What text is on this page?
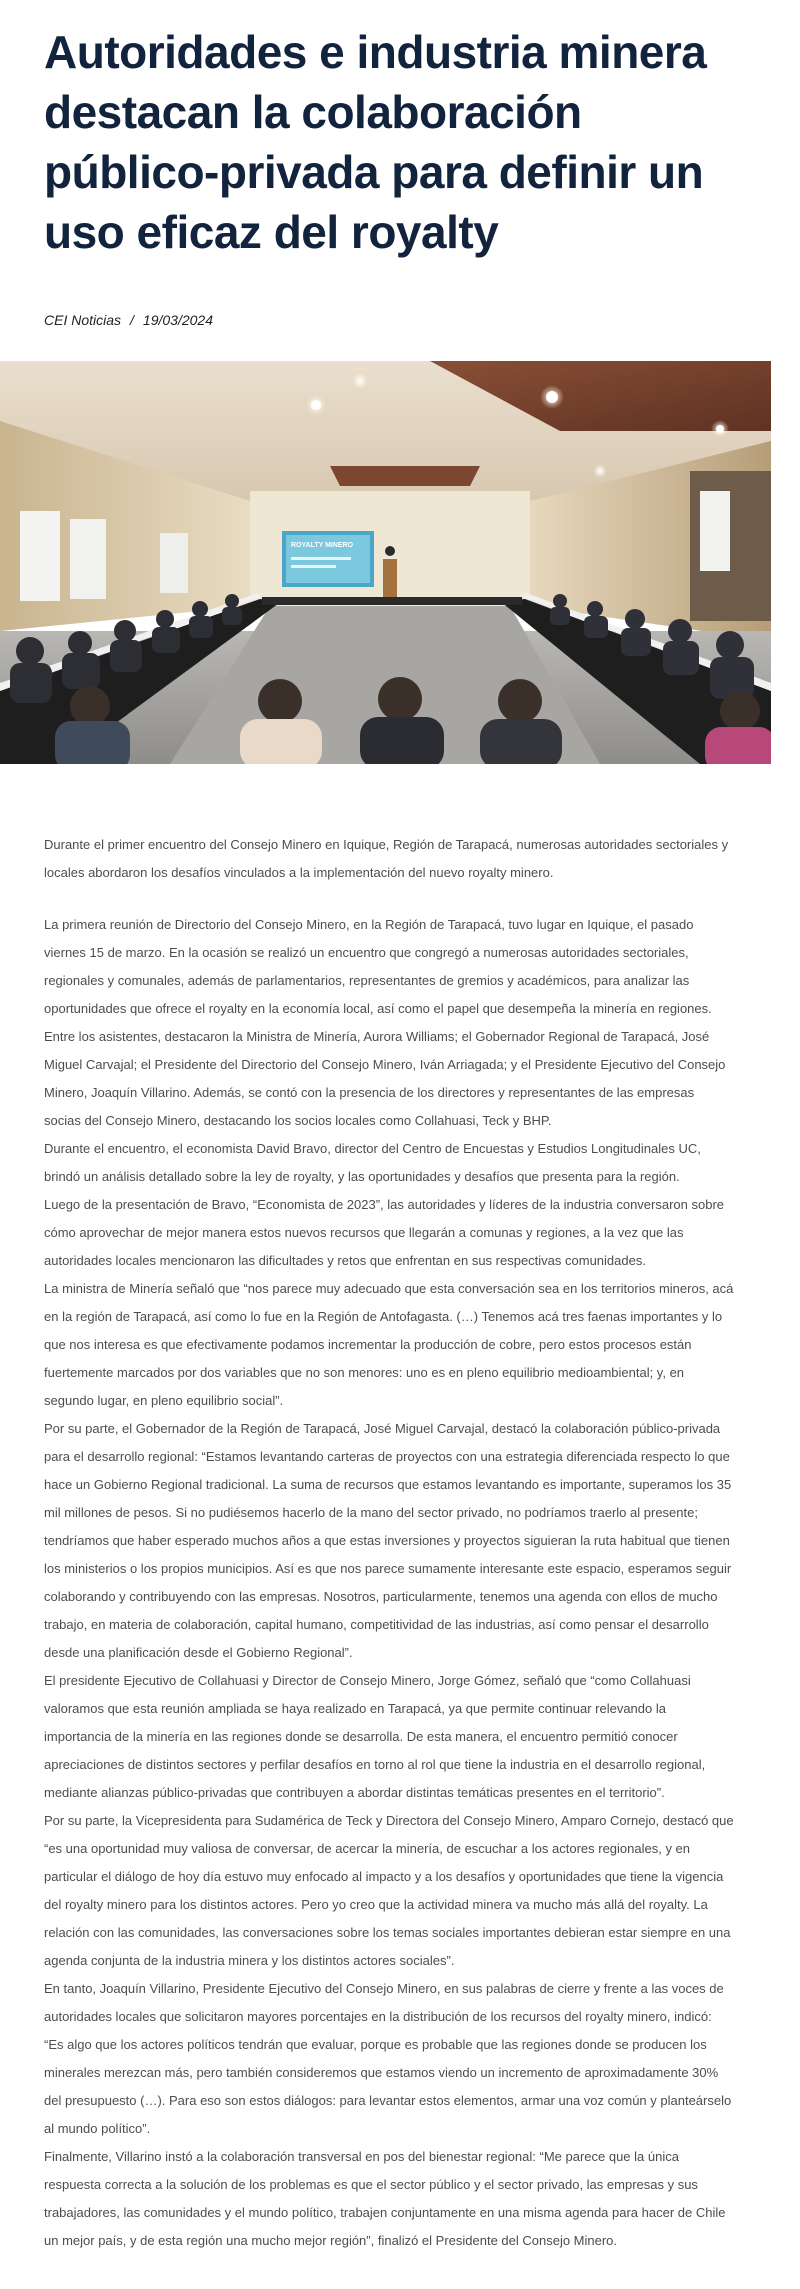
Autoridades e industria minera destacan la colaboración público-privada para definir un uso eficaz del royalty
CEI Noticias / 19/03/2024
ROYALTY MINERO

Durante el primer encuentro del Consejo Minero en Iquique, Región de Tarapacá, numerosas autoridades sectoriales y locales abordaron los desafíos vinculados a la implementación del nuevo royalty minero.

La primera reunión de Directorio del Consejo Minero, en la Región de Tarapacá, tuvo lugar en Iquique, el pasado viernes 15 de marzo. En la ocasión se realizó un encuentro que congregó a numerosas autoridades sectoriales, regionales y comunales, además de parlamentarios, representantes de gremios y académicos, para analizar las oportunidades que ofrece el royalty en la economía local, así como el papel que desempeña la minería en regiones.

Entre los asistentes, destacaron la Ministra de Minería, Aurora Williams; el Gobernador Regional de Tarapacá, José Miguel Carvajal; el Presidente del Directorio del Consejo Minero, Iván Arriagada; y el Presidente Ejecutivo del Consejo Minero, Joaquín Villarino. Además, se contó con la presencia de los directores y representantes de las empresas socias del Consejo Minero, destacando los socios locales como Collahuasi, Teck y BHP.

Durante el encuentro, el economista David Bravo, director del Centro de Encuestas y Estudios Longitudinales UC, brindó un análisis detallado sobre la ley de royalty, y las oportunidades y desafíos que presenta para la región.

Luego de la presentación de Bravo, “Economista de 2023”, las autoridades y líderes de la industria conversaron sobre cómo aprovechar de mejor manera estos nuevos recursos que llegarán a comunas y regiones, a la vez que las autoridades locales mencionaron las dificultades y retos que enfrentan en sus respectivas comunidades.

La ministra de Minería señaló que “nos parece muy adecuado que esta conversación sea en los territorios mineros, acá en la región de Tarapacá, así como lo fue en la Región de Antofagasta. (…) Tenemos acá tres faenas importantes y lo que nos interesa es que efectivamente podamos incrementar la producción de cobre, pero estos procesos están fuertemente marcados por dos variables que no son menores: uno es en pleno equilibrio medioambiental; y, en segundo lugar, en pleno equilibrio social”.

Por su parte, el Gobernador de la Región de Tarapacá, José Miguel Carvajal, destacó la colaboración público-privada para el desarrollo regional: “Estamos levantando carteras de proyectos con una estrategia diferenciada respecto lo que hace un Gobierno Regional tradicional. La suma de recursos que estamos levantando es importante, superamos los 35 mil millones de pesos. Si no pudiésemos hacerlo de la mano del sector privado, no podríamos traerlo al presente; tendríamos que haber esperado muchos años a que estas inversiones y proyectos siguieran la ruta habitual que tienen los ministerios o los propios municipios. Así es que nos parece sumamente interesante este espacio, esperamos seguir colaborando y contribuyendo con las empresas. Nosotros, particularmente, tenemos una agenda con ellos de mucho trabajo, en materia de colaboración, capital humano, competitividad de las industrias, así como pensar el desarrollo desde una planificación desde el Gobierno Regional”.

El presidente Ejecutivo de Collahuasi y Director de Consejo Minero, Jorge Gómez, señaló que “como Collahuasi valoramos que esta reunión ampliada se haya realizado en Tarapacá, ya que permite continuar relevando la importancia de la minería en las regiones donde se desarrolla. De esta manera, el encuentro permitió conocer apreciaciones de distintos sectores y perfilar desafíos en torno al rol que tiene la industria en el desarrollo regional, mediante alianzas público-privadas que contribuyen a abordar distintas temáticas presentes en el territorio”.

Por su parte, la Vicepresidenta para Sudamérica de Teck y Directora del Consejo Minero, Amparo Cornejo, destacó que “es una oportunidad muy valiosa de conversar, de acercar la minería, de escuchar a los actores regionales, y en particular el diálogo de hoy día estuvo muy enfocado al impacto y a los desafíos y oportunidades que tiene la vigencia del royalty minero para los distintos actores. Pero yo creo que la actividad minera va mucho más allá del royalty. La relación con las comunidades, las conversaciones sobre los temas sociales importantes debieran estar siempre en una agenda conjunta de la industria minera y los distintos actores sociales”.

En tanto, Joaquín Villarino, Presidente Ejecutivo del Consejo Minero, en sus palabras de cierre y frente a las voces de autoridades locales que solicitaron mayores porcentajes en la distribución de los recursos del royalty minero, indicó: “Es algo que los actores políticos tendrán que evaluar, porque es probable que las regiones donde se producen los minerales merezcan más, pero también consideremos que estamos viendo un incremento de aproximadamente 30% del presupuesto (…). Para eso son estos diálogos: para levantar estos elementos, armar una voz común y planteárselo al mundo político”.

Finalmente, Villarino instó a la colaboración transversal en pos del bienestar regional: “Me parece que la única respuesta correcta a la solución de los problemas es que el sector público y el sector privado, las empresas y sus trabajadores, las comunidades y el mundo político, trabajen conjuntamente en una misma agenda para hacer de Chile un mejor país, y de esta región una mucho mejor región”, finalizó el Presidente del Consejo Minero.
